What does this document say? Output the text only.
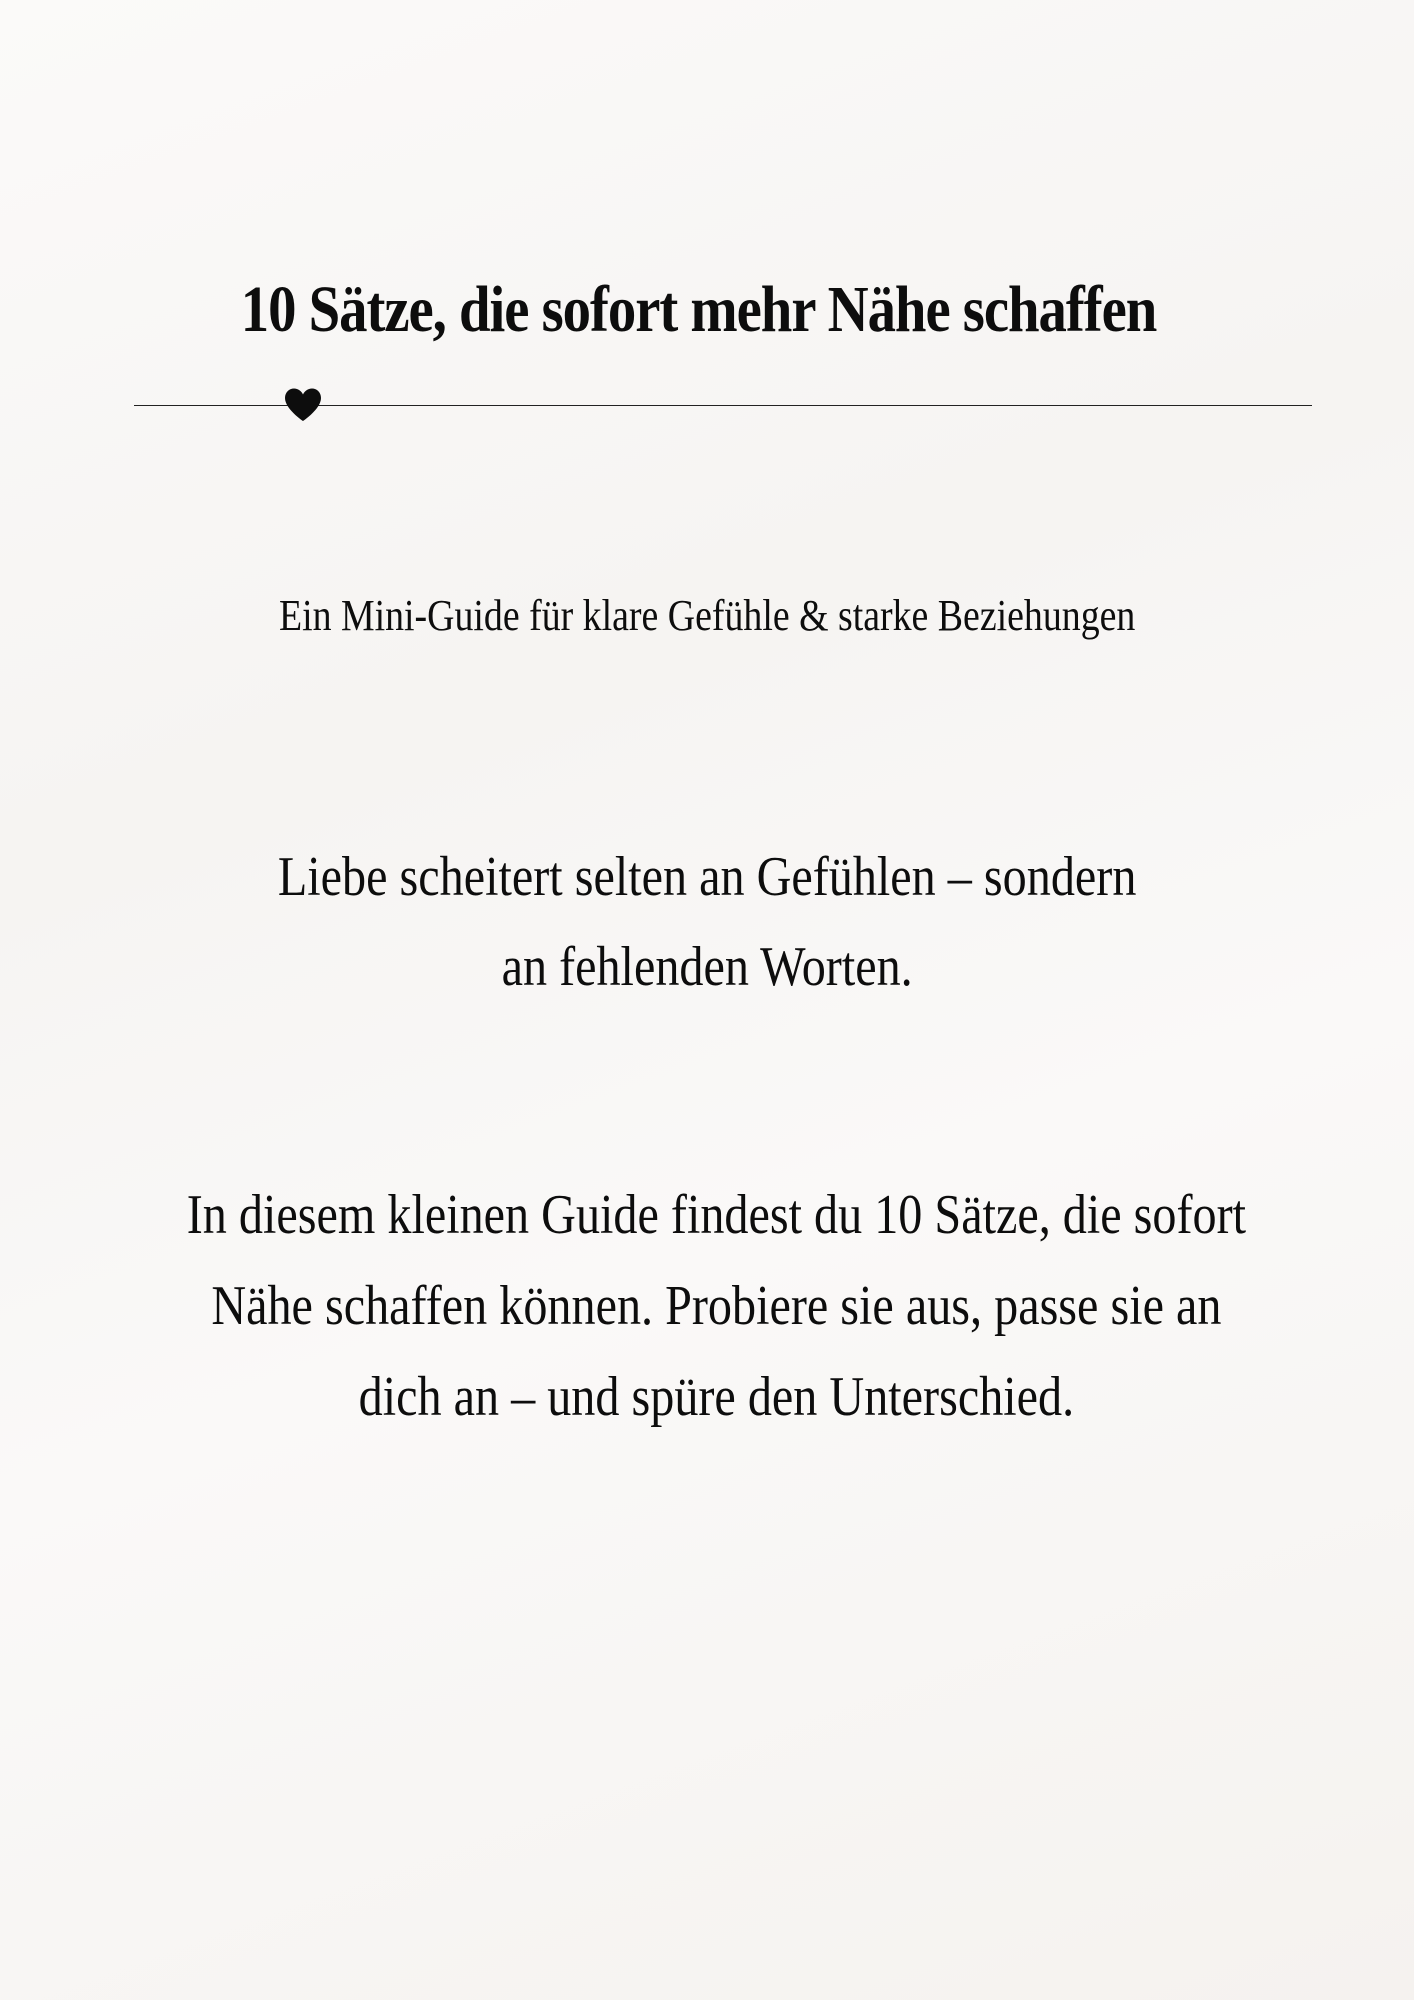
10 Sätze, die sofort mehr Nähe schaffen

Ein Mini-Guide für klare Gefühle & starke Beziehungen

Liebe scheitert selten an Gefühlen – sondern
an fehlenden Worten.

In diesem kleinen Guide findest du 10 Sätze, die sofort
Nähe schaffen können. Probiere sie aus, passe sie an
dich an – und spüre den Unterschied.
